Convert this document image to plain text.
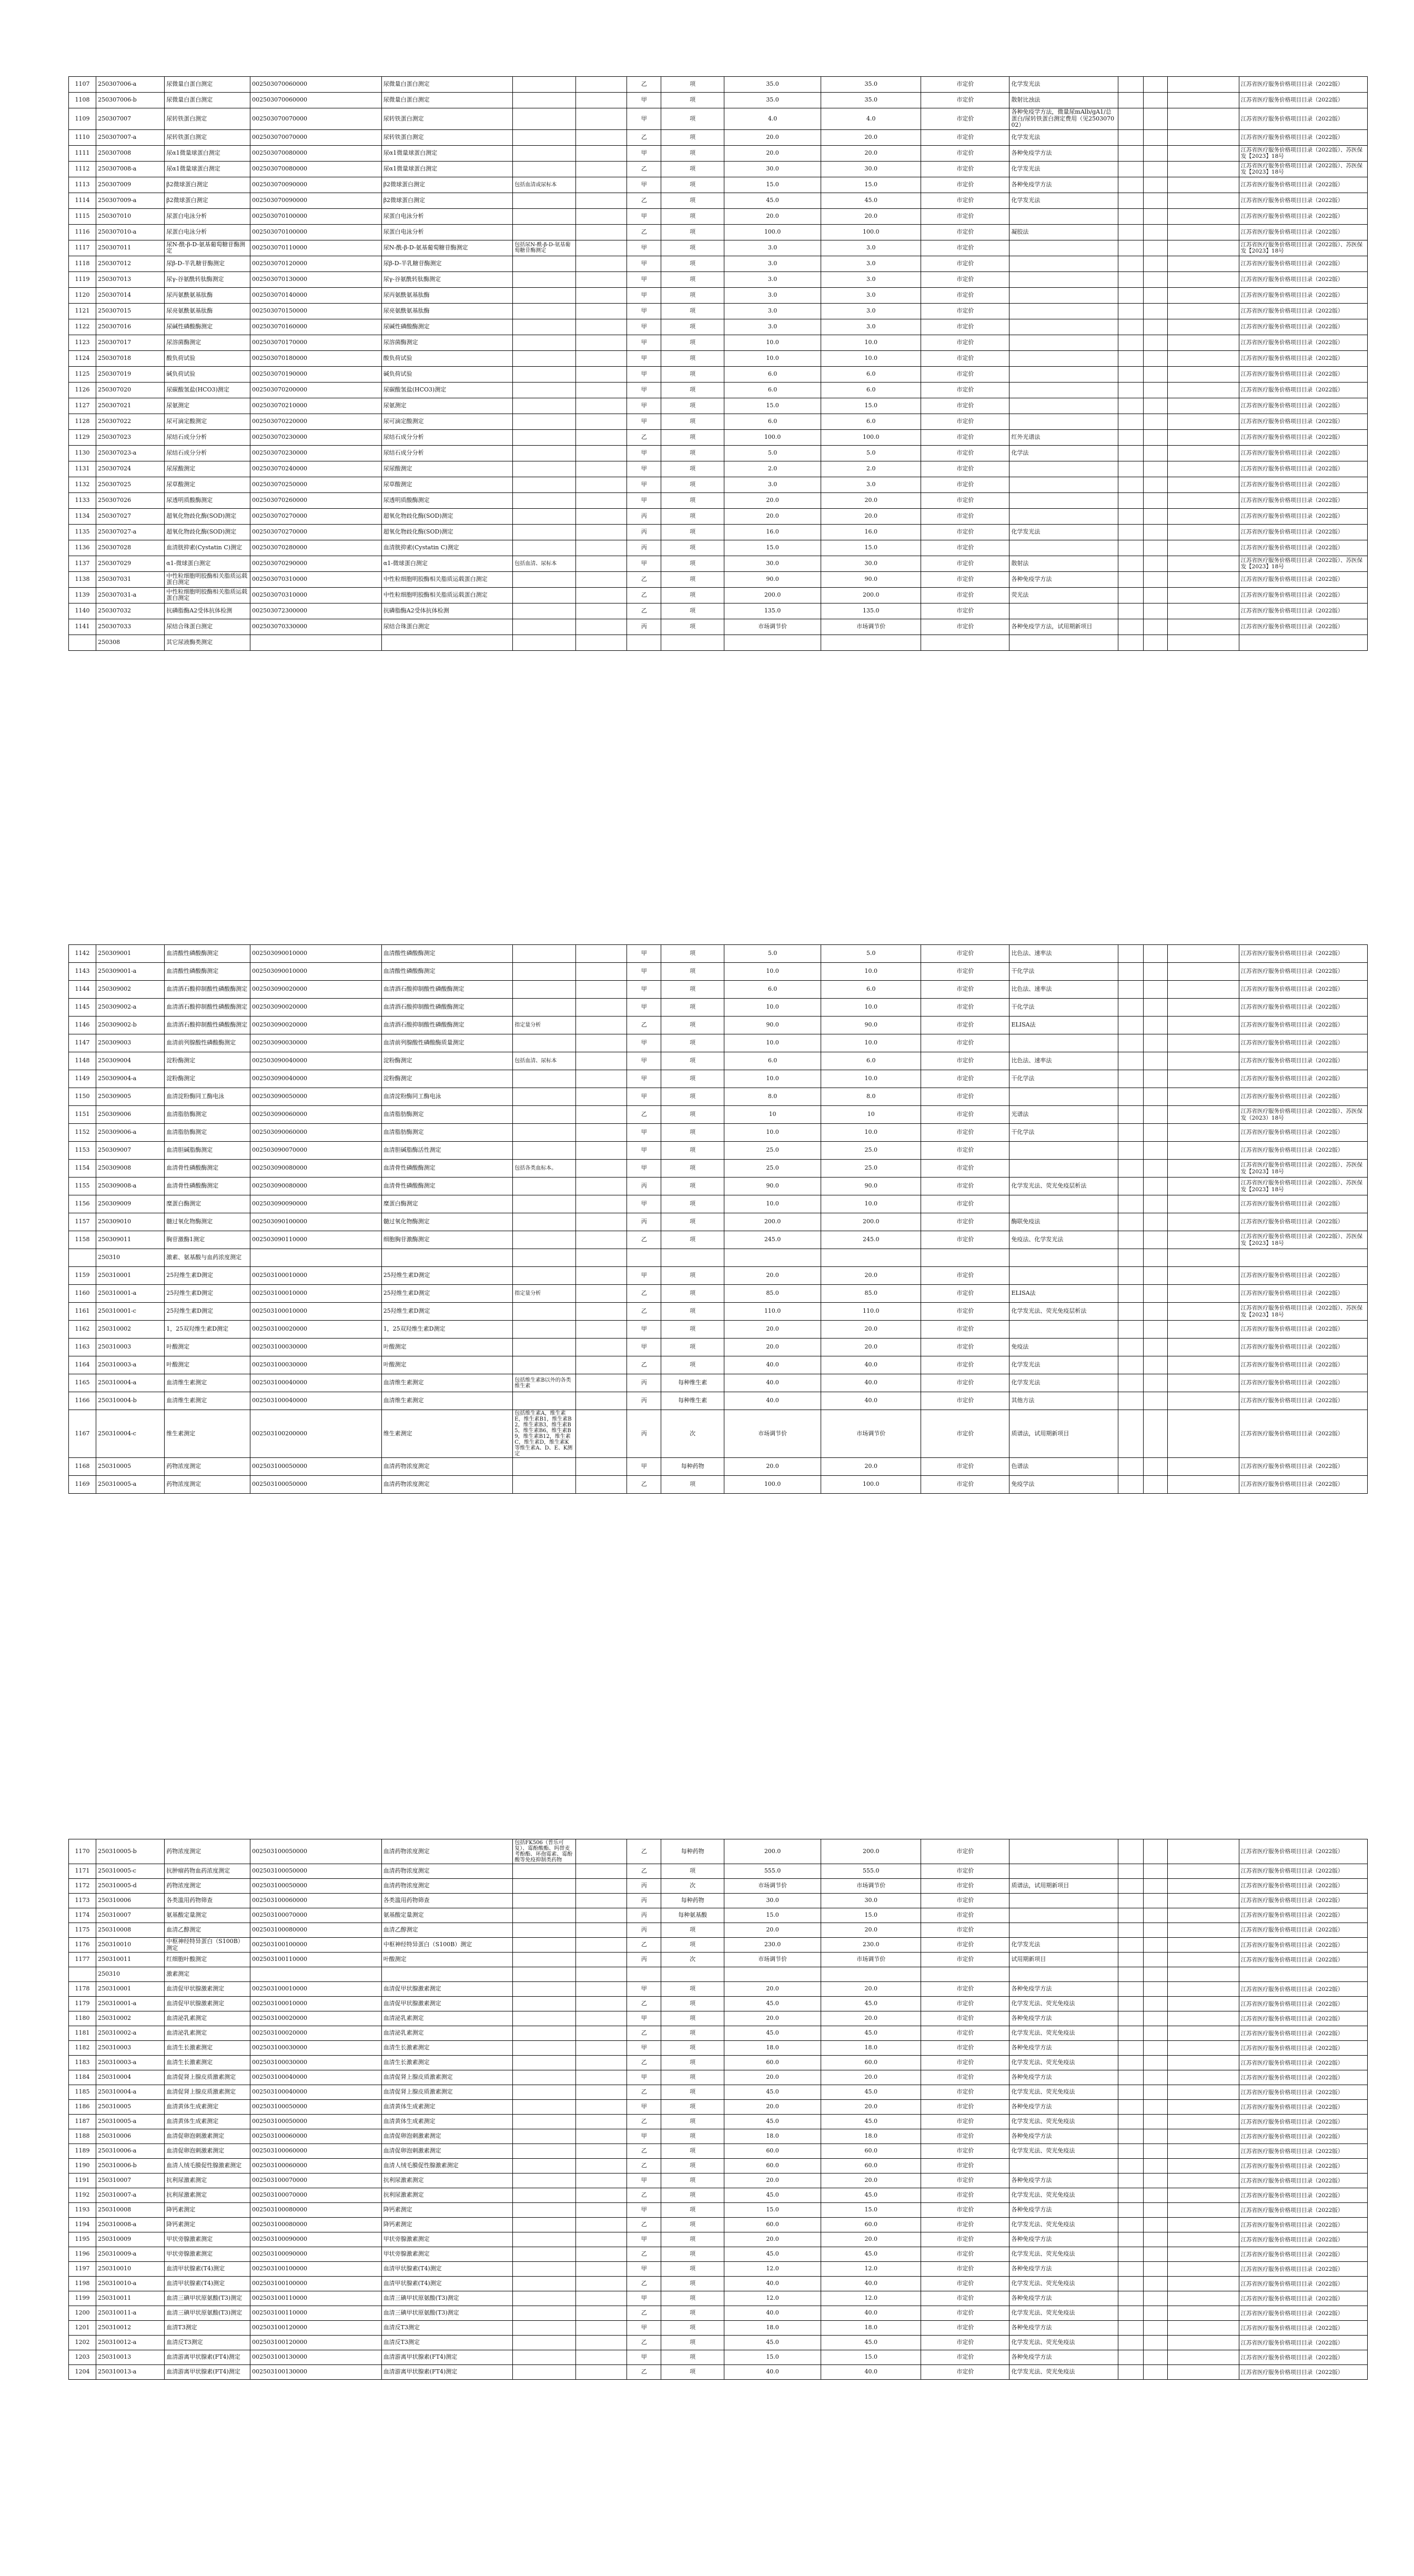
1107	250307006-a	尿微量白蛋白测定	002503070060000	尿微量白蛋白测定			乙	项	35.0	35.0	市定价	化学发光法				江苏省医疗服务价格项目目录（2022版）
1108	250307006-b	尿微量白蛋白测定	002503070060000	尿微量白蛋白测定			甲	项	35.0	35.0	市定价	散射比浊法				江苏省医疗服务价格项目目录（2022版）
1109	250307007	尿转铁蛋白测定	002503070070000	尿转铁蛋白测定			甲	项	4.0	4.0	市定价	各种免疫学方法，微量尿mAlb/gA1/总蛋白/尿转铁蛋白测定费用（见250307002）				江苏省医疗服务价格项目目录（2022版）
1110	250307007-a	尿转铁蛋白测定	002503070070000	尿转铁蛋白测定			乙	项	20.0	20.0	市定价	化学发光法				江苏省医疗服务价格项目目录（2022版）
1111	250307008	尿α1微量球蛋白测定	002503070080000	尿α1微量球蛋白测定			甲	项	20.0	20.0	市定价	各种免疫学方法				江苏省医疗服务价格项目目录（2022版）、苏医保发【2023】18号
1112	250307008-a	尿α1微量球蛋白测定	002503070080000	尿α1微量球蛋白测定			乙	项	30.0	30.0	市定价	化学发光法				江苏省医疗服务价格项目目录（2022版）、苏医保发【2023】18号
1113	250307009	β2微球蛋白测定	002503070090000	β2微球蛋白测定	包括血清或尿标本		甲	项	15.0	15.0	市定价	各种免疫学方法				江苏省医疗服务价格项目目录（2022版）
1114	250307009-a	β2微球蛋白测定	002503070090000	β2微球蛋白测定			乙	项	45.0	45.0	市定价	化学发光法				江苏省医疗服务价格项目目录（2022版）
1115	250307010	尿蛋白电泳分析	002503070100000	尿蛋白电泳分析			甲	项	20.0	20.0	市定价					江苏省医疗服务价格项目目录（2022版）
1116	250307010-a	尿蛋白电泳分析	002503070100000	尿蛋白电泳分析			乙	项	100.0	100.0	市定价	凝胶法				江苏省医疗服务价格项目目录（2022版）
1117	250307011	尿N-酰-β-D-氨基葡萄糖苷酶测定	002503070110000	尿N-酰-β-D-氨基葡萄糖苷酶测定	包括尿N-酰-β-D-氨基葡萄糖苷酶测定		甲	项	3.0	3.0	市定价					江苏省医疗服务价格项目目录（2022版）、苏医保发【2023】18号
1118	250307012	尿β-D-半乳糖苷酶测定	002503070120000	尿β-D-半乳糖苷酶测定			甲	项	3.0	3.0	市定价					江苏省医疗服务价格项目目录（2022版）
1119	250307013	尿γ-谷氨酰转肽酶测定	002503070130000	尿γ-谷氨酰转肽酶测定			甲	项	3.0	3.0	市定价					江苏省医疗服务价格项目目录（2022版）
1120	250307014	尿丙氨酰氨基肽酶	002503070140000	尿丙氨酰氨基肽酶			甲	项	3.0	3.0	市定价					江苏省医疗服务价格项目目录（2022版）
1121	250307015	尿亮氨酰氨基肽酶	002503070150000	尿亮氨酰氨基肽酶			甲	项	3.0	3.0	市定价					江苏省医疗服务价格项目目录（2022版）
1122	250307016	尿碱性磷酸酶测定	002503070160000	尿碱性磷酸酶测定			甲	项	3.0	3.0	市定价					江苏省医疗服务价格项目目录（2022版）
1123	250307017	尿溶菌酶测定	002503070170000	尿溶菌酶测定			甲	项	10.0	10.0	市定价					江苏省医疗服务价格项目目录（2022版）
1124	250307018	酸负荷试验	002503070180000	酸负荷试验			甲	项	10.0	10.0	市定价					江苏省医疗服务价格项目目录（2022版）
1125	250307019	碱负荷试验	002503070190000	碱负荷试验			甲	项	6.0	6.0	市定价					江苏省医疗服务价格项目目录（2022版）
1126	250307020	尿碳酸氢盐(HCO3)测定	002503070200000	尿碳酸氢盐(HCO3)测定			甲	项	6.0	6.0	市定价					江苏省医疗服务价格项目目录（2022版）
1127	250307021	尿氨测定	002503070210000	尿氨测定			甲	项	15.0	15.0	市定价					江苏省医疗服务价格项目目录（2022版）
1128	250307022	尿可滴定酸测定	002503070220000	尿可滴定酸测定			甲	项	6.0	6.0	市定价					江苏省医疗服务价格项目目录（2022版）
1129	250307023	尿结石成分分析	002503070230000	尿结石成分分析			乙	项	100.0	100.0	市定价	红外光谱法				江苏省医疗服务价格项目目录（2022版）
1130	250307023-a	尿结石成分分析	002503070230000	尿结石成分分析			甲	项	5.0	5.0	市定价	化学法				江苏省医疗服务价格项目目录（2022版）
1131	250307024	尿尿酸测定	002503070240000	尿尿酸测定			甲	项	2.0	2.0	市定价					江苏省医疗服务价格项目目录（2022版）
1132	250307025	尿草酸测定	002503070250000	尿草酸测定			甲	项	3.0	3.0	市定价					江苏省医疗服务价格项目目录（2022版）
1133	250307026	尿透明质酸酶测定	002503070260000	尿透明质酸酶测定			甲	项	20.0	20.0	市定价					江苏省医疗服务价格项目目录（2022版）
1134	250307027	超氧化物歧化酶(SOD)测定	002503070270000	超氧化物歧化酶(SOD)测定			丙	项	20.0	20.0	市定价					江苏省医疗服务价格项目目录（2022版）
1135	250307027-a	超氧化物歧化酶(SOD)测定	002503070270000	超氧化物歧化酶(SOD)测定			丙	项	16.0	16.0	市定价	化学发光法				江苏省医疗服务价格项目目录（2022版）
1136	250307028	血清胱抑素(Cystatin C)测定	002503070280000	血清胱抑素(Cystatin C)测定			丙	项	15.0	15.0	市定价					江苏省医疗服务价格项目目录（2022版）
1137	250307029	α1-微球蛋白测定	002503070290000	α1-微球蛋白测定	包括血清、尿标本		甲	项	30.0	30.0	市定价	散射法				江苏省医疗服务价格项目目录（2022版）、苏医保发【2023】18号
1138	250307031	中性粒细胞明胶酶相关脂质运载蛋白测定	002503070310000	中性粒细胞明胶酶相关脂质运载蛋白测定			乙	项	90.0	90.0	市定价	各种免疫学方法				江苏省医疗服务价格项目目录（2022版）
1139	250307031-a	中性粒细胞明胶酶相关脂质运载蛋白测定	002503070310000	中性粒细胞明胶酶相关脂质运载蛋白测定			乙	项	200.0	200.0	市定价	荧光法				江苏省医疗服务价格项目目录（2022版）
1140	250307032	抗磷脂酶A2受体抗体检测	002503072300000	抗磷脂酶A2受体抗体检测			乙	项	135.0	135.0	市定价					江苏省医疗服务价格项目目录（2022版）
1141	250307033	尿结合珠蛋白测定	002503070330000	尿结合珠蛋白测定			丙	项	市场调节价	市场调节价	市定价	各种免疫学方法，试用期新项目				江苏省医疗服务价格项目目录（2022版）
	250308	其它尿液酶类测定														
1142	250309001	血清酸性磷酸酶测定	002503090010000	血清酸性磷酸酶测定			甲	项	5.0	5.0	市定价	比色法、速率法				江苏省医疗服务价格项目目录（2022版）
1143	250309001-a	血清酸性磷酸酶测定	002503090010000	血清酸性磷酸酶测定			甲	项	10.0	10.0	市定价	干化学法				江苏省医疗服务价格项目目录（2022版）
1144	250309002	血清酒石酸抑制酸性磷酸酶测定	002503090020000	血清酒石酸抑制酸性磷酸酶测定			甲	项	6.0	6.0	市定价	比色法、速率法				江苏省医疗服务价格项目目录（2022版）
1145	250309002-a	血清酒石酸抑制酸性磷酸酶测定	002503090020000	血清酒石酸抑制酸性磷酸酶测定			甲	项	10.0	10.0	市定价	干化学法				江苏省医疗服务价格项目目录（2022版）
1146	250309002-b	血清酒石酸抑制酸性磷酸酶测定	002503090020000	血清酒石酸抑制酸性磷酸酶测定	指定量分析		乙	项	90.0	90.0	市定价	ELISA法				江苏省医疗服务价格项目目录（2022版）
1147	250309003	血清前列腺酸性磷酸酶测定	002503090030000	血清前列腺酸性磷酸酶质量测定			甲	项	10.0	10.0	市定价					江苏省医疗服务价格项目目录（2022版）
1148	250309004	淀粉酶测定	002503090040000	淀粉酶测定	包括血清、尿标本		甲	项	6.0	6.0	市定价	比色法、速率法				江苏省医疗服务价格项目目录（2022版）
1149	250309004-a	淀粉酶测定	002503090040000	淀粉酶测定			甲	项	10.0	10.0	市定价	干化学法				江苏省医疗服务价格项目目录（2022版）
1150	250309005	血清淀粉酶同工酶电泳	002503090050000	血清淀粉酶同工酶电泳			甲	项	8.0	8.0	市定价					江苏省医疗服务价格项目目录（2022版）
1151	250309006	血清脂肪酶测定	002503090060000	血清脂肪酶测定			乙	项	10	10	市定价	光谱法				江苏省医疗服务价格项目目录（2022版）、苏医保发（2023）18号
1152	250309006-a	血清脂肪酶测定	002503090060000	血清脂肪酶测定			甲	项	10.0	10.0	市定价	干化学法				江苏省医疗服务价格项目目录（2022版）
1153	250309007	血清胆碱脂酶测定	002503090070000	血清胆碱脂酶活性测定			甲	项	25.0	25.0	市定价					江苏省医疗服务价格项目目录（2022版）
1154	250309008	血清骨性磷酸酶测定	002503090080000	血清骨性磷酸酶测定	包括各类血标本。		甲	项	25.0	25.0	市定价					江苏省医疗服务价格项目目录（2022版）、苏医保发【2023】18号
1155	250309008-a	血清骨性磷酸酶测定	002503090080000	血清骨性磷酸酶测定			丙	项	90.0	90.0	市定价	化学发光法、荧光免疫层析法				江苏省医疗服务价格项目目录（2022版）、苏医保发【2023】18号
1156	250309009	糜蛋白酶测定	002503090090000	糜蛋白酶测定			甲	项	10.0	10.0	市定价					江苏省医疗服务价格项目目录（2022版）
1157	250309010	髓过氧化物酶测定	002503090100000	髓过氧化物酶测定			丙	项	200.0	200.0	市定价	酶联免疫法				江苏省医疗服务价格项目目录（2022版）
1158	250309011	胸苷激酶1测定	002503090110000	细胞胸苷激酶测定			乙	项	245.0	245.0	市定价	免疫法、化学发光法				江苏省医疗服务价格项目目录（2022版）、苏医保发【2023】18号
	250310	激素、氨基酸与血药浓度测定														
1159	250310001	25羟维生素D测定	002503100010000	25羟维生素D测定			甲	项	20.0	20.0	市定价					江苏省医疗服务价格项目目录（2022版）
1160	250310001-a	25羟维生素D测定	002503100010000	25羟维生素D测定	指定量分析		乙	项	85.0	85.0	市定价	ELISA法				江苏省医疗服务价格项目目录（2022版）
1161	250310001-c	25羟维生素D测定	002503100010000	25羟维生素D测定			乙	项	110.0	110.0	市定价	化学发光法、荧光免疫层析法				江苏省医疗服务价格项目目录（2022版）、苏医保发【2023】18号
1162	250310002	1，25双羟维生素D测定	002503100020000	1，25双羟维生素D测定			甲	项	20.0	20.0	市定价					江苏省医疗服务价格项目目录（2022版）
1163	250310003	叶酸测定	002503100030000	叶酸测定			甲	项	20.0	20.0	市定价	免疫法				江苏省医疗服务价格项目目录（2022版）
1164	250310003-a	叶酸测定	002503100030000	叶酸测定			乙	项	40.0	40.0	市定价	化学发光法				江苏省医疗服务价格项目目录（2022版）
1165	250310004-a	血清维生素测定	002503100040000	血清维生素测定	包括维生素B以外的各类维生素		丙	每种维生素	40.0	40.0	市定价	化学发光法				江苏省医疗服务价格项目目录（2022版）
1166	250310004-b	血清维生素测定	002503100040000	血清维生素测定			丙	每种维生素	40.0	40.0	市定价	其他方法				江苏省医疗服务价格项目目录（2022版）
1167	250310004-c	维生素测定	002503100200000	维生素测定	包括维生素A，维生素E，维生素B1，维生素B2，维生素B3，维生素B5，维生素B6，维生素B9，维生素B12，维生素C，维生素D，维生素K等维生素A、D、E、K测定		丙	次	市场调节价	市场调节价	市定价	质谱法，试用期新项目				江苏省医疗服务价格项目目录（2022版）
1168	250310005	药物浓度测定	002503100050000	血清药物浓度测定			甲	每种药物	20.0	20.0	市定价	色谱法				江苏省医疗服务价格项目目录（2022版）
1169	250310005-a	药物浓度测定	002503100050000	血清药物浓度测定			乙	项	100.0	100.0	市定价	免疫学法				江苏省医疗服务价格项目目录（2022版）
1170	250310005-b	药物浓度测定	002503100050000	血清药物浓度测定	包括FK506（普乐可复）、霉酚酸酯、吗替麦考酚酯、环孢霉素、霉酚酸等免疫抑制类药物		乙	每种药物	200.0	200.0	市定价					江苏省医疗服务价格项目目录（2022版）
1171	250310005-c	抗肿瘤药物血药浓度测定	002503100050000	血清药物浓度测定			乙	项	555.0	555.0	市定价					江苏省医疗服务价格项目目录（2022版）
1172	250310005-d	药物浓度测定	002503100050000	血清药物浓度测定			丙	次	市场调节价	市场调节价	市定价	质谱法，试用期新项目				江苏省医疗服务价格项目目录（2022版）
1173	250310006	各类滥用药物筛查	002503100060000	各类滥用药物筛查			丙	每种药物	30.0	30.0	市定价					江苏省医疗服务价格项目目录（2022版）
1174	250310007	氨基酸定量测定	002503100070000	氨基酸定量测定			丙	每种氨基酸	15.0	15.0	市定价					江苏省医疗服务价格项目目录（2022版）
1175	250310008	血清乙醇测定	002503100080000	血清乙醇测定			丙	项	20.0	20.0	市定价					江苏省医疗服务价格项目目录（2022版）
1176	250310010	中枢神经特异蛋白（S100B）测定	002503100100000	中枢神经特异蛋白（S100B）测定			乙	项	230.0	230.0	市定价	化学发光法				江苏省医疗服务价格项目目录（2022版）
1177	250310011	红细胞叶酸测定	002503100110000	叶酸测定			丙	次	市场调节价	市场调节价	市定价	试用期新项目				江苏省医疗服务价格项目目录（2022版）
	250310	激素测定														
1178	250310001	血清促甲状腺激素测定	002503100010000	血清促甲状腺激素测定			甲	项	20.0	20.0	市定价	各种免疫学方法				江苏省医疗服务价格项目目录（2022版）
1179	250310001-a	血清促甲状腺激素测定	002503100010000	血清促甲状腺激素测定			乙	项	45.0	45.0	市定价	化学发光法、荧光免疫法				江苏省医疗服务价格项目目录（2022版）
1180	250310002	血清泌乳素测定	002503100020000	血清泌乳素测定			甲	项	20.0	20.0	市定价	各种免疫学方法				江苏省医疗服务价格项目目录（2022版）
1181	250310002-a	血清泌乳素测定	002503100020000	血清泌乳素测定			乙	项	45.0	45.0	市定价	化学发光法、荧光免疫法				江苏省医疗服务价格项目目录（2022版）
1182	250310003	血清生长激素测定	002503100030000	血清生长激素测定			甲	项	18.0	18.0	市定价	各种免疫学方法				江苏省医疗服务价格项目目录（2022版）
1183	250310003-a	血清生长激素测定	002503100030000	血清生长激素测定			乙	项	60.0	60.0	市定价	化学发光法、荧光免疫法				江苏省医疗服务价格项目目录（2022版）
1184	250310004	血清促肾上腺皮质激素测定	002503100040000	血清促肾上腺皮质激素测定			甲	项	20.0	20.0	市定价	各种免疫学方法				江苏省医疗服务价格项目目录（2022版）
1185	250310004-a	血清促肾上腺皮质激素测定	002503100040000	血清促肾上腺皮质激素测定			乙	项	45.0	45.0	市定价	化学发光法、荧光免疫法				江苏省医疗服务价格项目目录（2022版）
1186	250310005	血清黄体生成素测定	002503100050000	血清黄体生成素测定			甲	项	20.0	20.0	市定价	各种免疫学方法				江苏省医疗服务价格项目目录（2022版）
1187	250310005-a	血清黄体生成素测定	002503100050000	血清黄体生成素测定			乙	项	45.0	45.0	市定价	化学发光法、荧光免疫法				江苏省医疗服务价格项目目录（2022版）
1188	250310006	血清促卵泡刺激素测定	002503100060000	血清促卵泡刺激素测定			甲	项	18.0	18.0	市定价	各种免疫学方法				江苏省医疗服务价格项目目录（2022版）
1189	250310006-a	血清促卵泡刺激素测定	002503100060000	血清促卵泡刺激素测定			乙	项	60.0	60.0	市定价	化学发光法、荧光免疫法				江苏省医疗服务价格项目目录（2022版）
1190	250310006-b	血清人绒毛膜促性腺激素测定	002503100060000	血清人绒毛膜促性腺激素测定			乙	项	60.0	60.0	市定价					江苏省医疗服务价格项目目录（2022版）
1191	250310007	抗利尿激素测定	002503100070000	抗利尿激素测定			甲	项	20.0	20.0	市定价	各种免疫学方法				江苏省医疗服务价格项目目录（2022版）
1192	250310007-a	抗利尿激素测定	002503100070000	抗利尿激素测定			乙	项	45.0	45.0	市定价	化学发光法、荧光免疫法				江苏省医疗服务价格项目目录（2022版）
1193	250310008	降钙素测定	002503100080000	降钙素测定			甲	项	15.0	15.0	市定价	各种免疫学方法				江苏省医疗服务价格项目目录（2022版）
1194	250310008-a	降钙素测定	002503100080000	降钙素测定			乙	项	60.0	60.0	市定价	化学发光法、荧光免疫法				江苏省医疗服务价格项目目录（2022版）
1195	250310009	甲状旁腺激素测定	002503100090000	甲状旁腺激素测定			甲	项	20.0	20.0	市定价	各种免疫学方法				江苏省医疗服务价格项目目录（2022版）
1196	250310009-a	甲状旁腺激素测定	002503100090000	甲状旁腺激素测定			乙	项	45.0	45.0	市定价	化学发光法、荧光免疫法				江苏省医疗服务价格项目目录（2022版）
1197	250310010	血清甲状腺素(T4)测定	002503100100000	血清甲状腺素(T4)测定			甲	项	12.0	12.0	市定价	各种免疫学方法				江苏省医疗服务价格项目目录（2022版）
1198	250310010-a	血清甲状腺素(T4)测定	002503100100000	血清甲状腺素(T4)测定			乙	项	40.0	40.0	市定价	化学发光法、荧光免疫法				江苏省医疗服务价格项目目录（2022版）
1199	250310011	血清三碘甲状原氨酸(T3)测定	002503100110000	血清三碘甲状原氨酸(T3)测定			甲	项	12.0	12.0	市定价	各种免疫学方法				江苏省医疗服务价格项目目录（2022版）
1200	250310011-a	血清三碘甲状原氨酸(T3)测定	002503100110000	血清三碘甲状原氨酸(T3)测定			乙	项	40.0	40.0	市定价	化学发光法、荧光免疫法				江苏省医疗服务价格项目目录（2022版）
1201	250310012	血清T3测定	002503100120000	血清反T3测定			甲	项	18.0	18.0	市定价	各种免疫学方法				江苏省医疗服务价格项目目录（2022版）
1202	250310012-a	血清反T3测定	002503100120000	血清反T3测定			乙	项	45.0	45.0	市定价	化学发光法、荧光免疫法				江苏省医疗服务价格项目目录（2022版）
1203	250310013	血清游离甲状腺素(FT4)测定	002503100130000	血清游离甲状腺素(FT4)测定			甲	项	15.0	15.0	市定价	各种免疫学方法				江苏省医疗服务价格项目目录（2022版）
1204	250310013-a	血清游离甲状腺素(FT4)测定	002503100130000	血清游离甲状腺素(FT4)测定			乙	项	40.0	40.0	市定价	化学发光法、荧光免疫法				江苏省医疗服务价格项目目录（2022版）
